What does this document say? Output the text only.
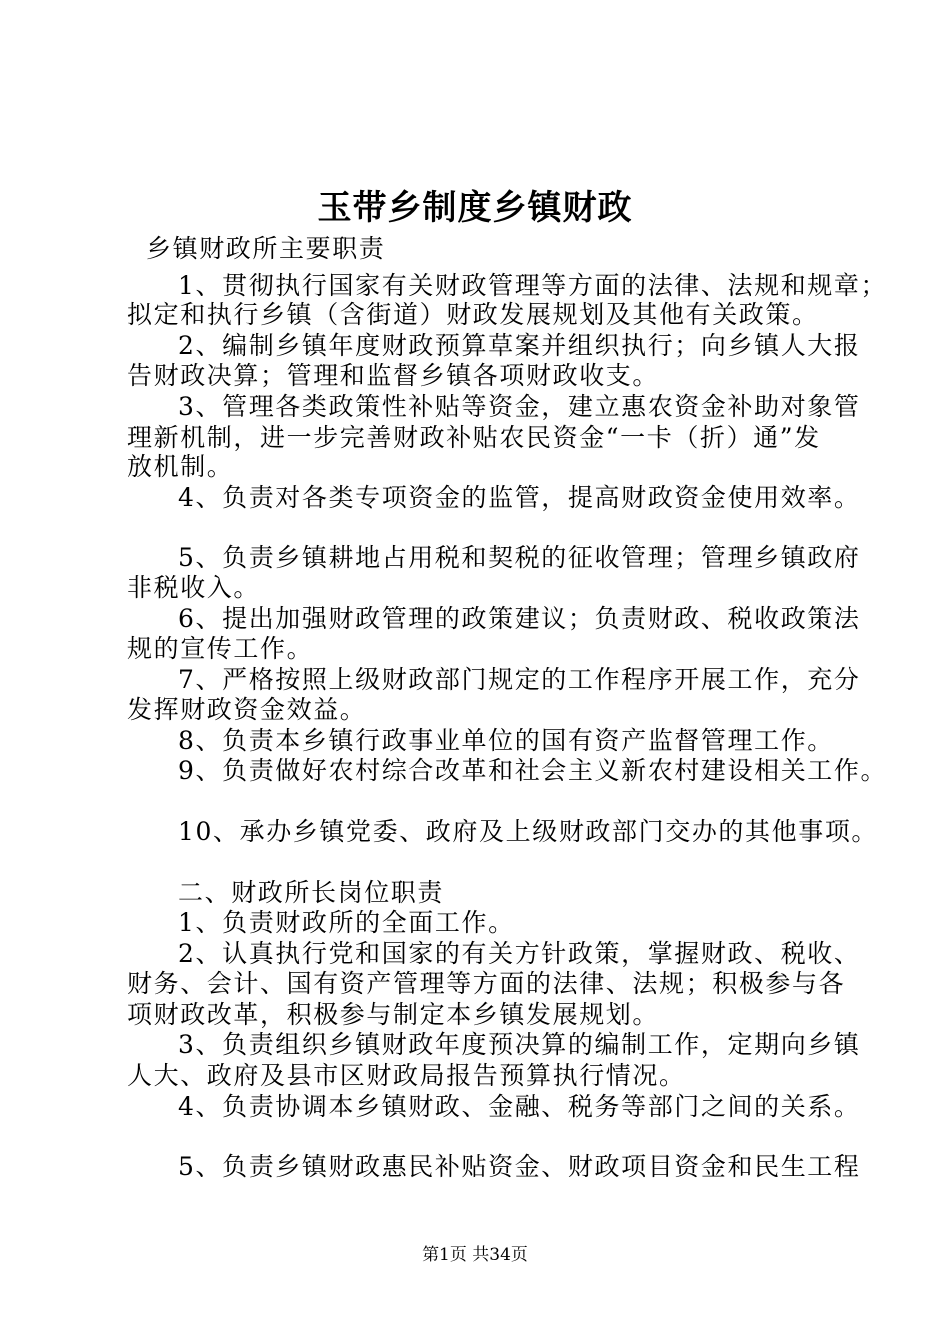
玉带乡制度乡镇财政
乡镇财政所主要职责
1、贯彻执行国家有关财政管理等方面的法律、法规和规章；
拟定和执行乡镇（含街道）财政发展规划及其他有关政策。
2、编制乡镇年度财政预算草案并组织执行；向乡镇人大报
告财政决算；管理和监督乡镇各项财政收支。
3、管理各类政策性补贴等资金，建立惠农资金补助对象管
理新机制，进一步完善财政补贴农民资金“一卡（折）通”发
放机制。
4、负责对各类专项资金的监管，提高财政资金使用效率。
5、负责乡镇耕地占用税和契税的征收管理；管理乡镇政府
非税收入。
6、提出加强财政管理的政策建议；负责财政、税收政策法
规的宣传工作。
7、严格按照上级财政部门规定的工作程序开展工作，充分
发挥财政资金效益。
8、负责本乡镇行政事业单位的国有资产监督管理工作。
9、负责做好农村综合改革和社会主义新农村建设相关工作。
10、承办乡镇党委、政府及上级财政部门交办的其他事项。
二、财政所长岗位职责
1、负责财政所的全面工作。
2、认真执行党和国家的有关方针政策，掌握财政、税收、
财务、会计、国有资产管理等方面的法律、法规；积极参与各
项财政改革，积极参与制定本乡镇发展规划。
3、负责组织乡镇财政年度预决算的编制工作，定期向乡镇
人大、政府及县市区财政局报告预算执行情况。
4、负责协调本乡镇财政、金融、税务等部门之间的关系。
5、负责乡镇财政惠民补贴资金、财政项目资金和民生工程
第1页 共34页
